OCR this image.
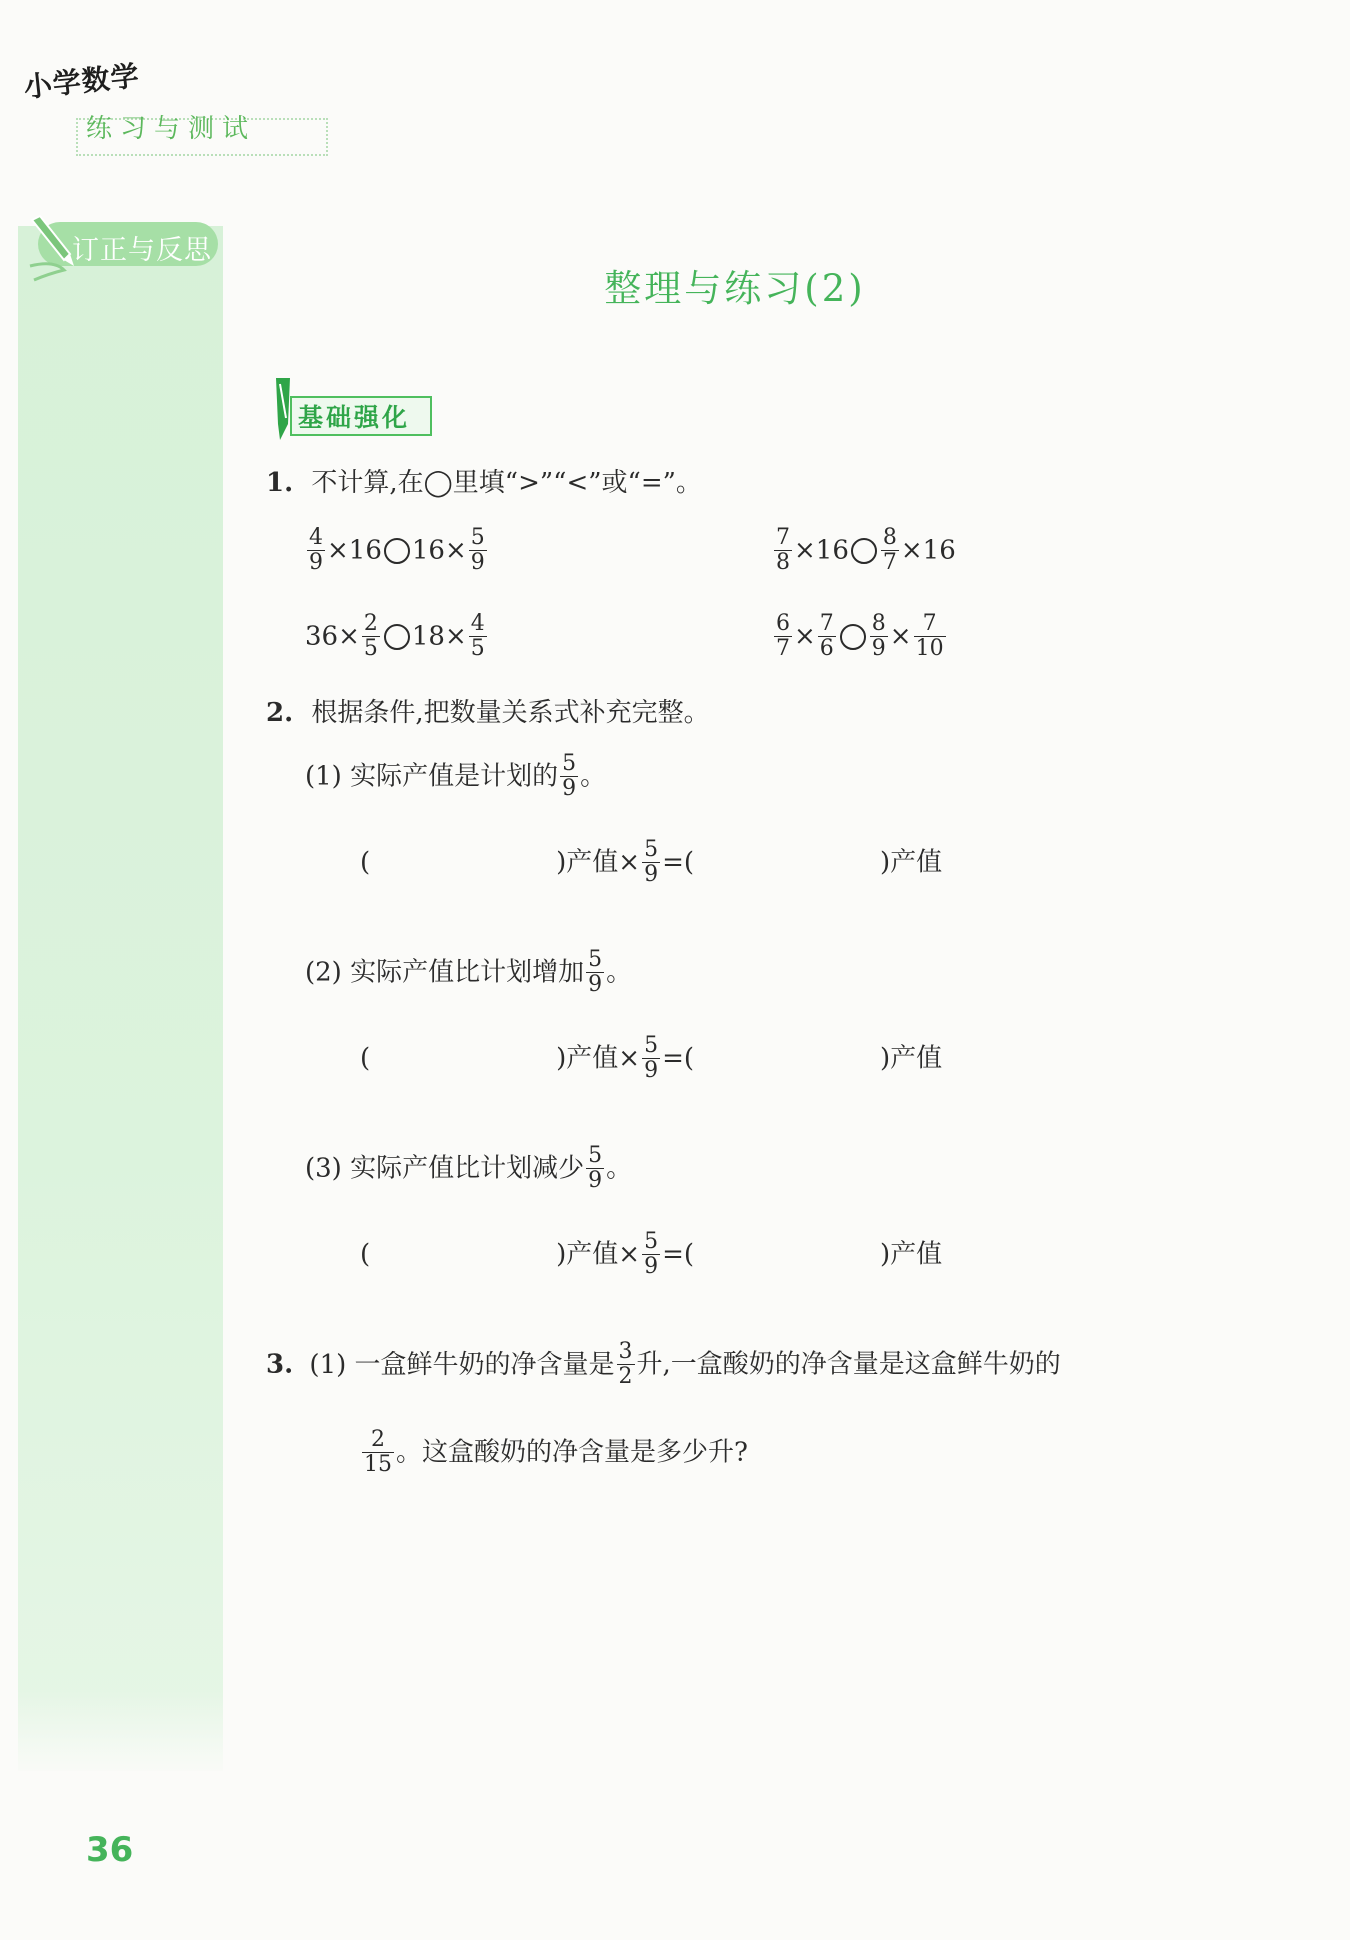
小学数学
练习与测试
订正与反思
整理与练习(2)
基础强化
1. 不计算,在◯里填“>”“<”或“=”。
$\frac{4}{9} \times 16$ $16\times \frac{5}{9}$	$\frac{7}{8} \times 16 \frac{8}{7} \times 16$
$36\times \frac{2}{5} 18\times \frac{4}{5}$	$\frac{6}{7} \times \frac{7}{6} \frac{8}{9} \times \frac{7}{10}$
2. 根据条件,把数量关系式补充完整。
(1) 实际产值是计划的 $\frac{5}{9}$ 。
(	)产值× $\frac{5}{9}$ =(	)产值
(2) 实际产值比计划增加 $\frac{5}{9}$ 。
(	)产值× $\frac{5}{9}$ =(	)产值
(3) 实际产值比计划减少 $\frac{5}{9}$ 。
(	)产值× $\frac{5}{9}$ =(	)产值
3. (1) 一盒鲜牛奶的净含量是 $\frac{3}{2}$ 升,一盒酸奶的净含量是这盒鲜牛奶的
$\frac{2}{15}$ 。这盒酸奶的净含量是多少升?
36
